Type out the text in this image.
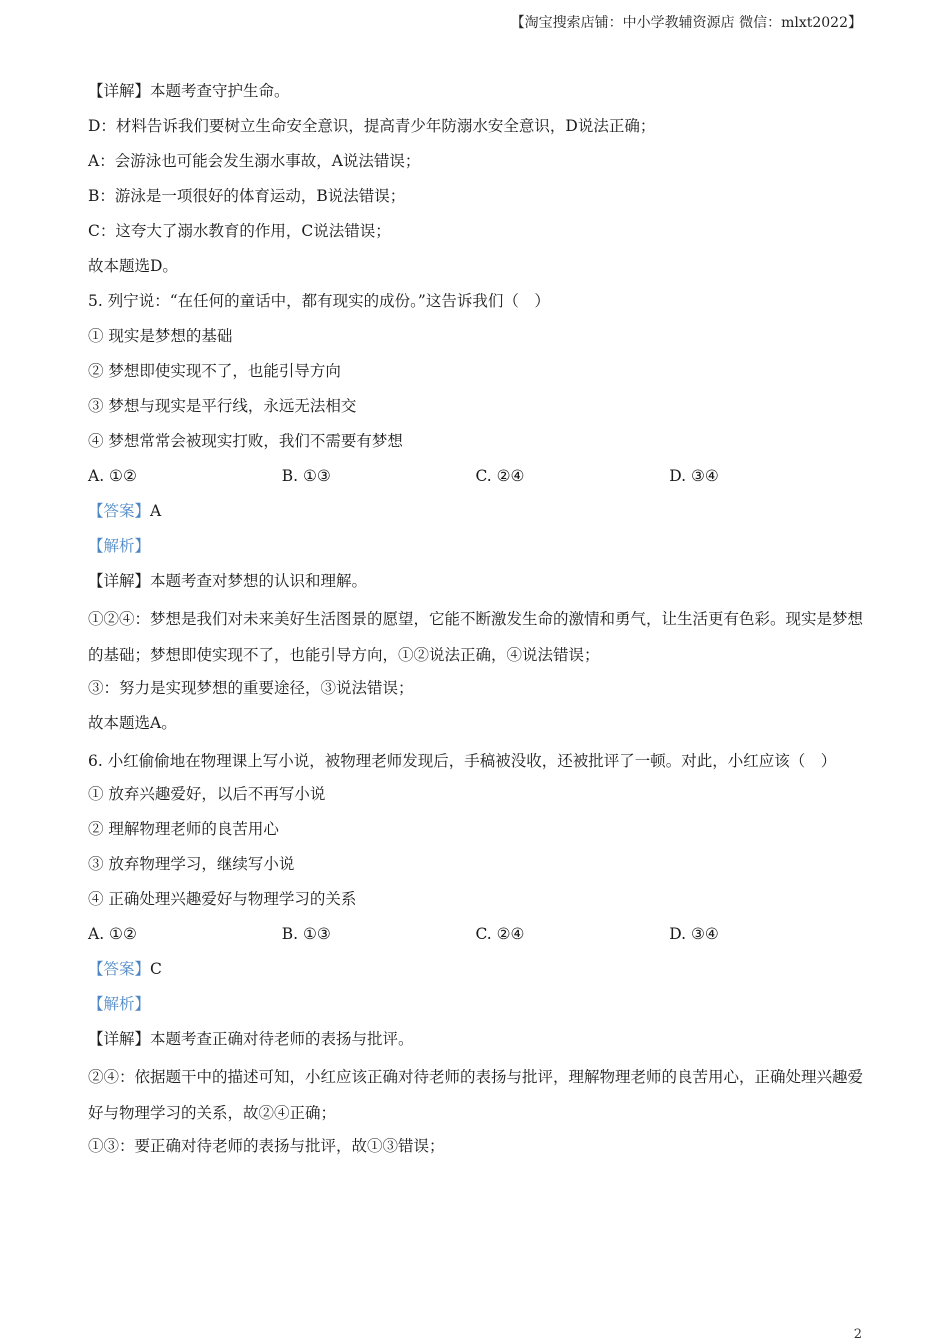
【淘宝搜索店铺：中小学教辅资源店 微信：mlxt2022】
【详解】本题考查守护生命。
D：材料告诉我们要树立生命安全意识，提高青少年防溺水安全意识，D说法正确；
A：会游泳也可能会发生溺水事故，A说法错误；
B：游泳是一项很好的体育运动，B说法错误；
C：这夸大了溺水教育的作用，C说法错误；
故本题选D。
5. 列宁说：“在任何的童话中，都有现实的成份。”这告诉我们（　）
① 现实是梦想的基础
② 梦想即使实现不了，也能引导方向
③ 梦想与现实是平行线，永远无法相交
④ 梦想常常会被现实打败，我们不需要有梦想
A. ①②	B. ①③	C. ②④	D. ③④
【答案】A
【解析】
【详解】本题考查对梦想的认识和理解。
①②④：梦想是我们对未来美好生活图景的愿望，它能不断激发生命的激情和勇气，让生活更有色彩。现实是梦想的基础；梦想即使实现不了，也能引导方向，①②说法正确，④说法错误；
③：努力是实现梦想的重要途径，③说法错误；
故本题选A。
6. 小红偷偷地在物理课上写小说，被物理老师发现后，手稿被没收，还被批评了一顿。对此，小红应该（　）
① 放弃兴趣爱好，以后不再写小说
② 理解物理老师的良苦用心
③ 放弃物理学习，继续写小说
④ 正确处理兴趣爱好与物理学习的关系
A. ①②	B. ①③	C. ②④	D. ③④
【答案】C
【解析】
【详解】本题考查正确对待老师的表扬与批评。
②④：依据题干中的描述可知，小红应该正确对待老师的表扬与批评，理解物理老师的良苦用心，正确处理兴趣爱好与物理学习的关系，故②④正确；
①③：要正确对待老师的表扬与批评，故①③错误；
2
